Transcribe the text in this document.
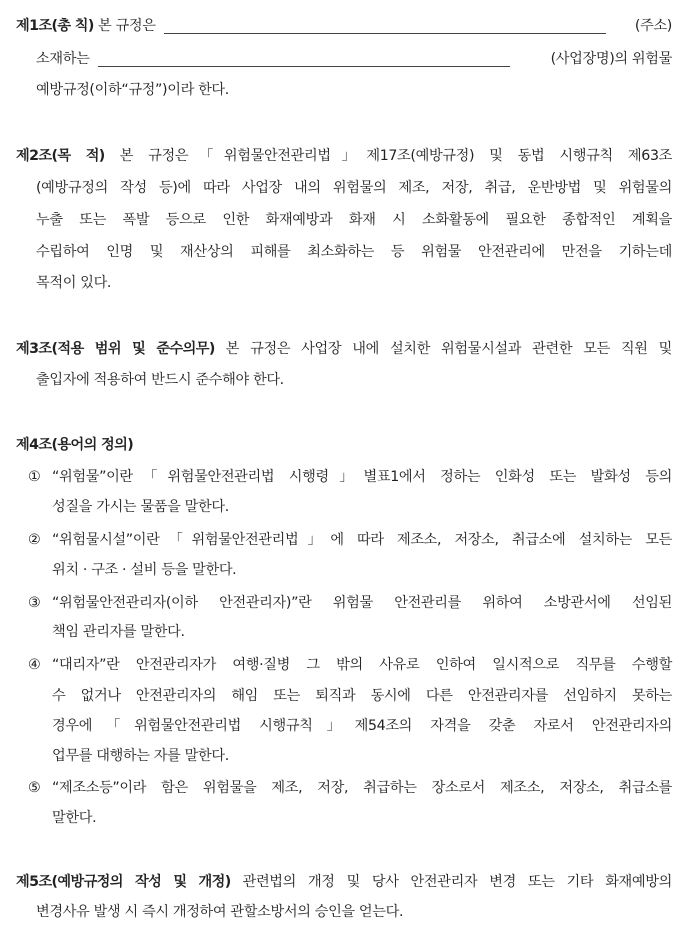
제1조(총 칙) 본 규정은	(주소)
소재하는	(사업장명)의 위험물
예방규정(이하“규정”)이라 한다.
제2조(목 적) 본 규정은「위험물안전관리법」제17조(예방규정) 및 동법 시행규칙 제63조
(예방규정의 작성 등)에 따라 사업장 내의 위험물의 제조, 저장, 취급, 운반방법 및 위험물의
누출 또는 폭발 등으로 인한 화재예방과 화재 시 소화활동에 필요한 종합적인 계획을
수립하여 인명 및 재산상의 피해를 최소화하는 등 위험물 안전관리에 만전을 기하는데
목적이 있다.
제3조(적용 범위 및 준수의무) 본 규정은 사업장 내에 설치한 위험물시설과 관련한 모든 직원 및
출입자에 적용하여 반드시 준수해야 한다.
제4조(용어의 정의)
① “위험물”이란「위험물안전관리법 시행령」별표1에서 정하는 인화성 또는 발화성 등의
성질을 가시는 물품을 말한다.
② “위험물시설”이란「위험물안전관리법」에 따라 제조소, 저장소, 취급소에 설치하는 모든
위치 · 구조 · 설비 등을 말한다.
③ “위험물안전관리자(이하 안전관리자)”란 위험물 안전관리를 위하여 소방관서에 선임된
책임 관리자를 말한다.
④ “대리자”란 안전관리자가 여행·질병 그 밖의 사유로 인하여 일시적으로 직무를 수행할
수 없거나 안전관리자의 해임 또는 퇴직과 동시에 다른 안전관리자를 선임하지 못하는
경우에「위험물안전관리법 시행규칙」제54조의 자격을 갖춘 자로서 안전관리자의
업무를 대행하는 자를 말한다.
⑤ “제조소등”이라 함은 위험물을 제조, 저장, 취급하는 장소로서 제조소, 저장소, 취급소를
말한다.
제5조(예방규정의 작성 및 개정) 관련법의 개정 및 당사 안전관리자 변경 또는 기타 화재예방의
변경사유 발생 시 즉시 개정하여 관할소방서의 승인을 얻는다.
